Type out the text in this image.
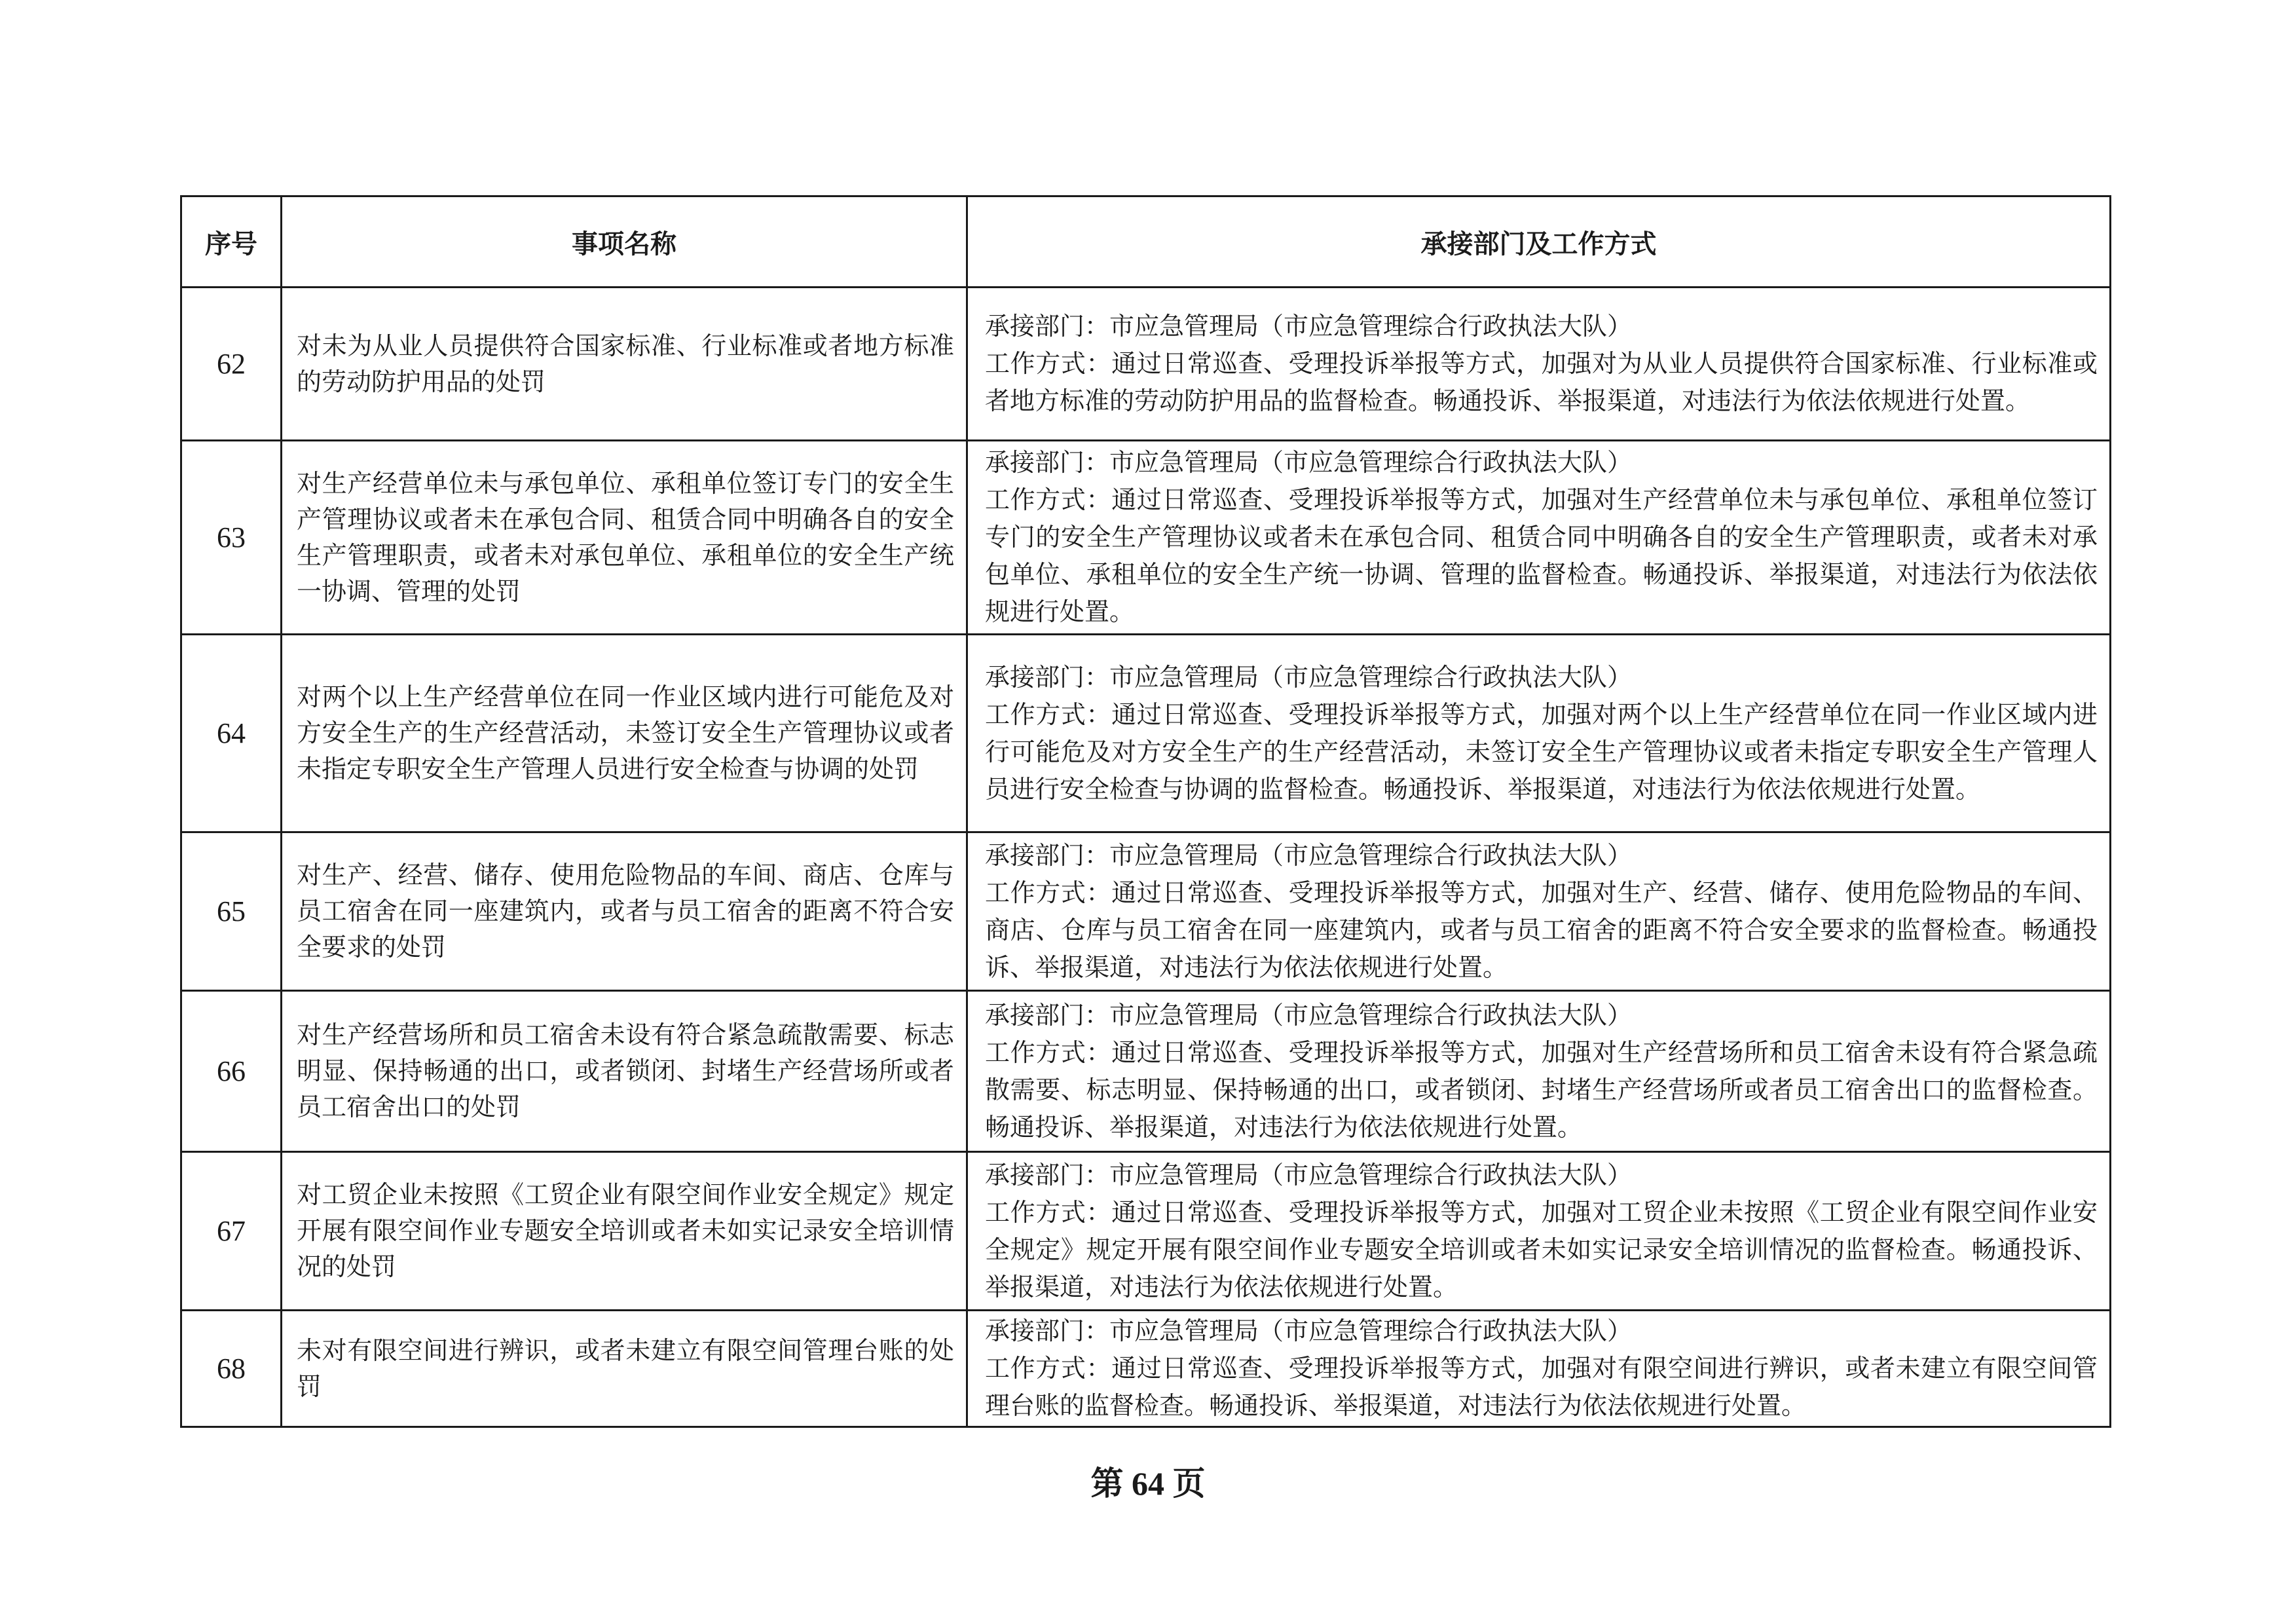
序号	事项名称	承接部门及工作方式
62	对未为从业人员提供符合国家标准、行业标准或者地方标准的劳动防护用品的处罚	承接部门：市应急管理局（市应急管理综合行政执法大队）
工作方式：通过日常巡查、受理投诉举报等方式，加强对为从业人员提供符合国家标准、行业标准或者地方标准的劳动防护用品的监督检查。畅通投诉、举报渠道，对违法行为依法依规进行处置。

63	对生产经营单位未与承包单位、承租单位签订专门的安全生产管理协议或者未在承包合同、租赁合同中明确各自的安全生产管理职责，或者未对承包单位、承租单位的安全生产统一协调、管理的处罚	承接部门：市应急管理局（市应急管理综合行政执法大队）
工作方式：通过日常巡查、受理投诉举报等方式，加强对生产经营单位未与承包单位、承租单位签订专门的安全生产管理协议或者未在承包合同、租赁合同中明确各自的安全生产管理职责，或者未对承包单位、承租单位的安全生产统一协调、管理的监督检查。畅通投诉、举报渠道，对违法行为依法依规进行处置。

64	对两个以上生产经营单位在同一作业区域内进行可能危及对方安全生产的生产经营活动，未签订安全生产管理协议或者未指定专职安全生产管理人员进行安全检查与协调的处罚	承接部门：市应急管理局（市应急管理综合行政执法大队）
工作方式：通过日常巡查、受理投诉举报等方式，加强对两个以上生产经营单位在同一作业区域内进行可能危及对方安全生产的生产经营活动，未签订安全生产管理协议或者未指定专职安全生产管理人员进行安全检查与协调的监督检查。畅通投诉、举报渠道，对违法行为依法依规进行处置。

65	对生产、经营、储存、使用危险物品的车间、商店、仓库与员工宿舍在同一座建筑内，或者与员工宿舍的距离不符合安全要求的处罚	承接部门：市应急管理局（市应急管理综合行政执法大队）
工作方式：通过日常巡查、受理投诉举报等方式，加强对生产、经营、储存、使用危险物品的车间、商店、仓库与员工宿舍在同一座建筑内，或者与员工宿舍的距离不符合安全要求的监督检查。畅通投诉、举报渠道，对违法行为依法依规进行处置。

66	对生产经营场所和员工宿舍未设有符合紧急疏散需要、标志明显、保持畅通的出口，或者锁闭、封堵生产经营场所或者员工宿舍出口的处罚	承接部门：市应急管理局（市应急管理综合行政执法大队）
工作方式：通过日常巡查、受理投诉举报等方式，加强对生产经营场所和员工宿舍未设有符合紧急疏散需要、标志明显、保持畅通的出口，或者锁闭、封堵生产经营场所或者员工宿舍出口的监督检查。畅通投诉、举报渠道，对违法行为依法依规进行处置。

67	对工贸企业未按照《工贸企业有限空间作业安全规定》规定开展有限空间作业专题安全培训或者未如实记录安全培训情况的处罚	承接部门：市应急管理局（市应急管理综合行政执法大队）
工作方式：通过日常巡查、受理投诉举报等方式，加强对工贸企业未按照《工贸企业有限空间作业安全规定》规定开展有限空间作业专题安全培训或者未如实记录安全培训情况的监督检查。畅通投诉、举报渠道，对违法行为依法依规进行处置。

68	未对有限空间进行辨识，或者未建立有限空间管理台账的处罚	承接部门：市应急管理局（市应急管理综合行政执法大队）
工作方式：通过日常巡查、受理投诉举报等方式，加强对有限空间进行辨识，或者未建立有限空间管理台账的监督检查。畅通投诉、举报渠道，对违法行为依法依规进行处置。
第 64 页
